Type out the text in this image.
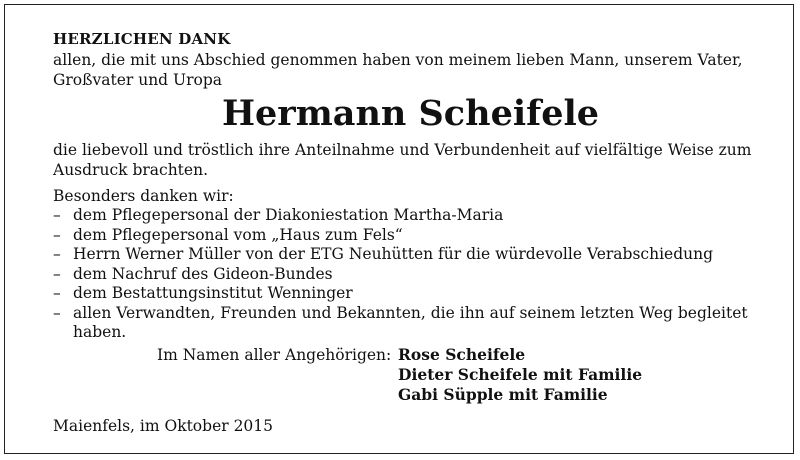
HERZLICHEN DANK
allen, die mit uns Abschied genommen haben von meinem lieben Mann, unserem Vater, Großvater und Uropa
Hermann Scheifele
die liebevoll und tröstlich ihre Anteilnahme und Verbundenheit auf vielfältige Weise zum Ausdruck brachten.
Besonders danken wir:
– dem Pflegepersonal der Diakoniestation Martha-Maria
– dem Pflegepersonal vom „Haus zum Fels“
– Herrn Werner Müller von der ETG Neuhütten für die würdevolle Verabschiedung
– dem Nachruf des Gideon-Bundes
– dem Bestattungsinstitut Wenninger
– allen Verwandten, Freunden und Bekannten, die ihn auf seinem letzten Weg begleitet haben.
Im Namen aller Angehörigen: Rose Scheifele
Dieter Scheifele mit Familie
Gabi Süpple mit Familie
Maienfels, im Oktober 2015
